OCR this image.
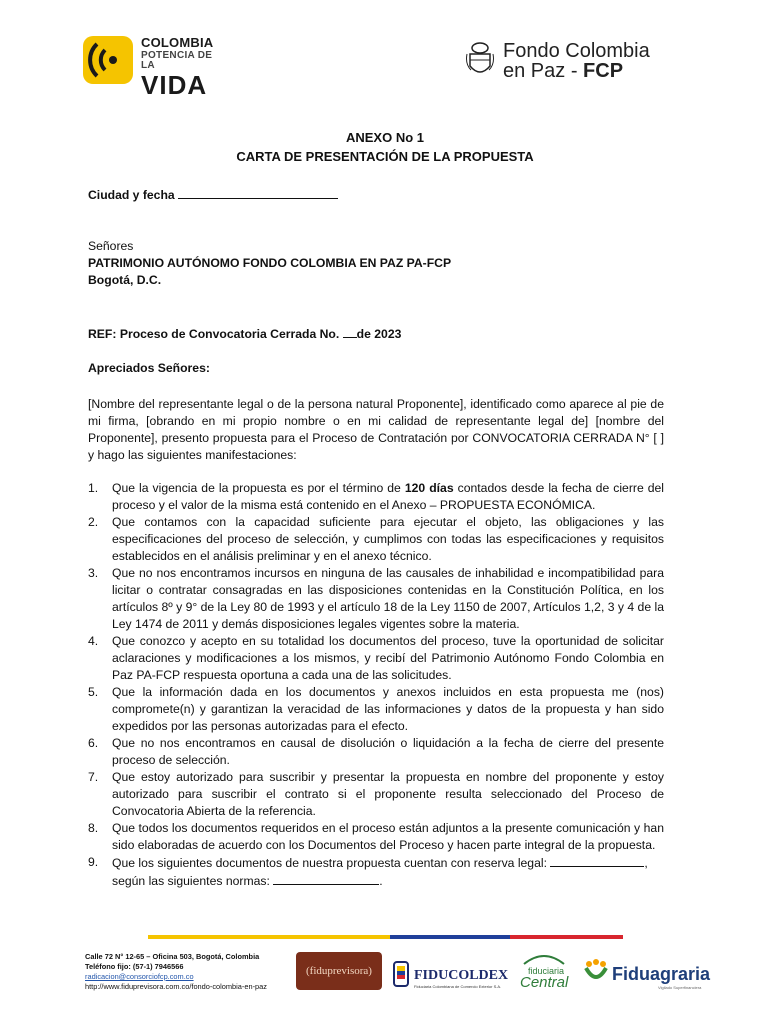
COLOMBIA
POTENCIA DE LA
VIDA
Fondo Colombia
en Paz - FCP
ANEXO No 1
CARTA DE PRESENTACIÓN DE LA PROPUESTA
Ciudad y fecha
Señores
PATRIMONIO AUTÓNOMO FONDO COLOMBIA EN PAZ PA-FCP
Bogotá, D.C.
REF: Proceso de Convocatoria Cerrada No. de 2023
Apreciados Señores:
[Nombre del representante legal o de la persona natural Proponente], identificado como aparece al pie de mi firma, [obrando en mi propio nombre o en mi calidad de representante legal de] [nombre del Proponente], presento propuesta para el Proceso de Contratación por CONVOCATORIA CERRADA N° [ ] y hago las siguientes manifestaciones:
1. Que la vigencia de la propuesta es por el término de 120 días contados desde la fecha de cierre del proceso y el valor de la misma está contenido en el Anexo – PROPUESTA ECONÓMICA.
2. Que contamos con la capacidad suficiente para ejecutar el objeto, las obligaciones y las especificaciones del proceso de selección, y cumplimos con todas las especificaciones y requisitos establecidos en el análisis preliminar y en el anexo técnico.
3. Que no nos encontramos incursos en ninguna de las causales de inhabilidad e incompatibilidad para licitar o contratar consagradas en las disposiciones contenidas en la Constitución Política, en los artículos 8º y 9° de la Ley 80 de 1993 y el artículo 18 de la Ley 1150 de 2007, Artículos 1,2, 3 y 4 de la Ley 1474 de 2011 y demás disposiciones legales vigentes sobre la materia.
4. Que conozco y acepto en su totalidad los documentos del proceso, tuve la oportunidad de solicitar aclaraciones y modificaciones a los mismos, y recibí del Patrimonio Autónomo Fondo Colombia en Paz PA-FCP respuesta oportuna a cada una de las solicitudes.
5. Que la información dada en los documentos y anexos incluidos en esta propuesta me (nos) compromete(n) y garantizan la veracidad de las informaciones y datos de la propuesta y han sido expedidos por las personas autorizadas para el efecto.
6. Que no nos encontramos en causal de disolución o liquidación a la fecha de cierre del presente proceso de selección.
7. Que estoy autorizado para suscribir y presentar la propuesta en nombre del proponente y estoy autorizado para suscribir el contrato si el proponente resulta seleccionado del Proceso de Convocatoria Abierta de la referencia.
8. Que todos los documentos requeridos en el proceso están adjuntos a la presente comunicación y han sido elaboradas de acuerdo con los Documentos del Proceso y hacen parte integral de la propuesta.
9. Que los siguientes documentos de nuestra propuesta cuentan con reserva legal:	,
según las siguientes normas:	.
Calle 72 N° 12-65 – Oficina 503, Bogotá, Colombia
Teléfono fijo: (57-1) 7946566
radicacion@consorciofcp.com.co
http://www.fiduprevisora.com.co/fondo-colombia-en-paz
(fiduprevisora)	FIDUCOLDEX
Fiduciaria Colombiana de Comercio Exterior S.A.
fiduciaria
Central Fiduagraria
Vigilado Superfinanciera
